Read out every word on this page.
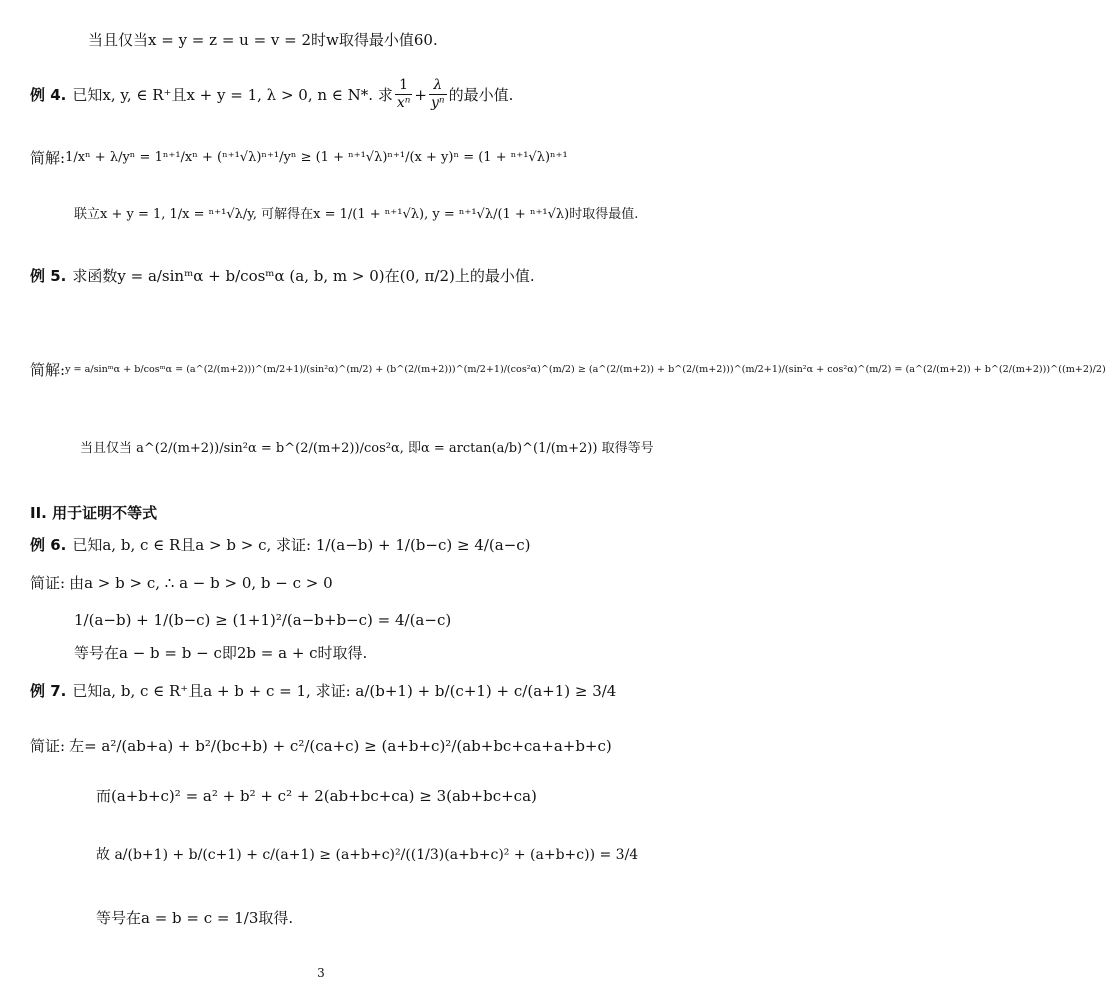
当且仅当x = y = z = u = v = 2时w取得最小值60.
例 4. 已知x, y, ∈ R⁺且x + y = 1, λ > 0, n ∈ N*. 求 $\frac{1}{\text{xⁿ}} + \frac{\lambda}{\text{yⁿ}}$ 的最小值.
简解: 1/xⁿ + λ/yⁿ = 1ⁿ⁺¹/xⁿ + (ⁿ⁺¹√λ)ⁿ⁺¹/yⁿ ≥ (1 + ⁿ⁺¹√λ)ⁿ⁺¹/(x + y)ⁿ = (1 + ⁿ⁺¹√λ)ⁿ⁺¹
联立x + y = 1, 1/x = ⁿ⁺¹√λ/y, 可解得在x = 1/(1 + ⁿ⁺¹√λ), y = ⁿ⁺¹√λ/(1 + ⁿ⁺¹√λ)时取得最值.
例 5. 求函数y = a/sinᵐα + b/cosᵐα (a, b, m > 0)在(0, π/2)上的最小值.
简解: y = a/sinᵐα + b/cosᵐα = (a^(2/(m+2)))^(m/2+1)/(sin²α)^(m/2) + (b^(2/(m+2)))^(m/2+1)/(cos²α)^(m/2) ≥ (a^(2/(m+2)) + b^(2/(m+2)))^(m/2+1)/(sin²α + cos²α)^(m/2) = (a^(2/(m+2)) + b^(2/(m+2)))^((m+2)/2)
当且仅当 a^(2/(m+2))/sin²α = b^(2/(m+2))/cos²α, 即α = arctan(a/b)^(1/(m+2)) 取得等号
II. 用于证明不等式
例 6. 已知a, b, c ∈ R且a > b > c, 求证: 1/(a−b) + 1/(b−c) ≥ 4/(a−c)
简证: 由a > b > c, ∴ a − b > 0, b − c > 0
1/(a−b) + 1/(b−c) ≥ (1+1)²/(a−b+b−c) = 4/(a−c)
等号在a − b = b − c即2b = a + c时取得.
例 7. 已知a, b, c ∈ R⁺且a + b + c = 1, 求证: a/(b+1) + b/(c+1) + c/(a+1) ≥ 3/4
简证: 左= a²/(ab+a) + b²/(bc+b) + c²/(ca+c) ≥ (a+b+c)²/(ab+bc+ca+a+b+c)
而(a+b+c)² = a² + b² + c² + 2(ab+bc+ca) ≥ 3(ab+bc+ca)
故 a/(b+1) + b/(c+1) + c/(a+1) ≥ (a+b+c)²/((1/3)(a+b+c)² + (a+b+c)) = 3/4
等号在a = b = c = 1/3取得.
3
